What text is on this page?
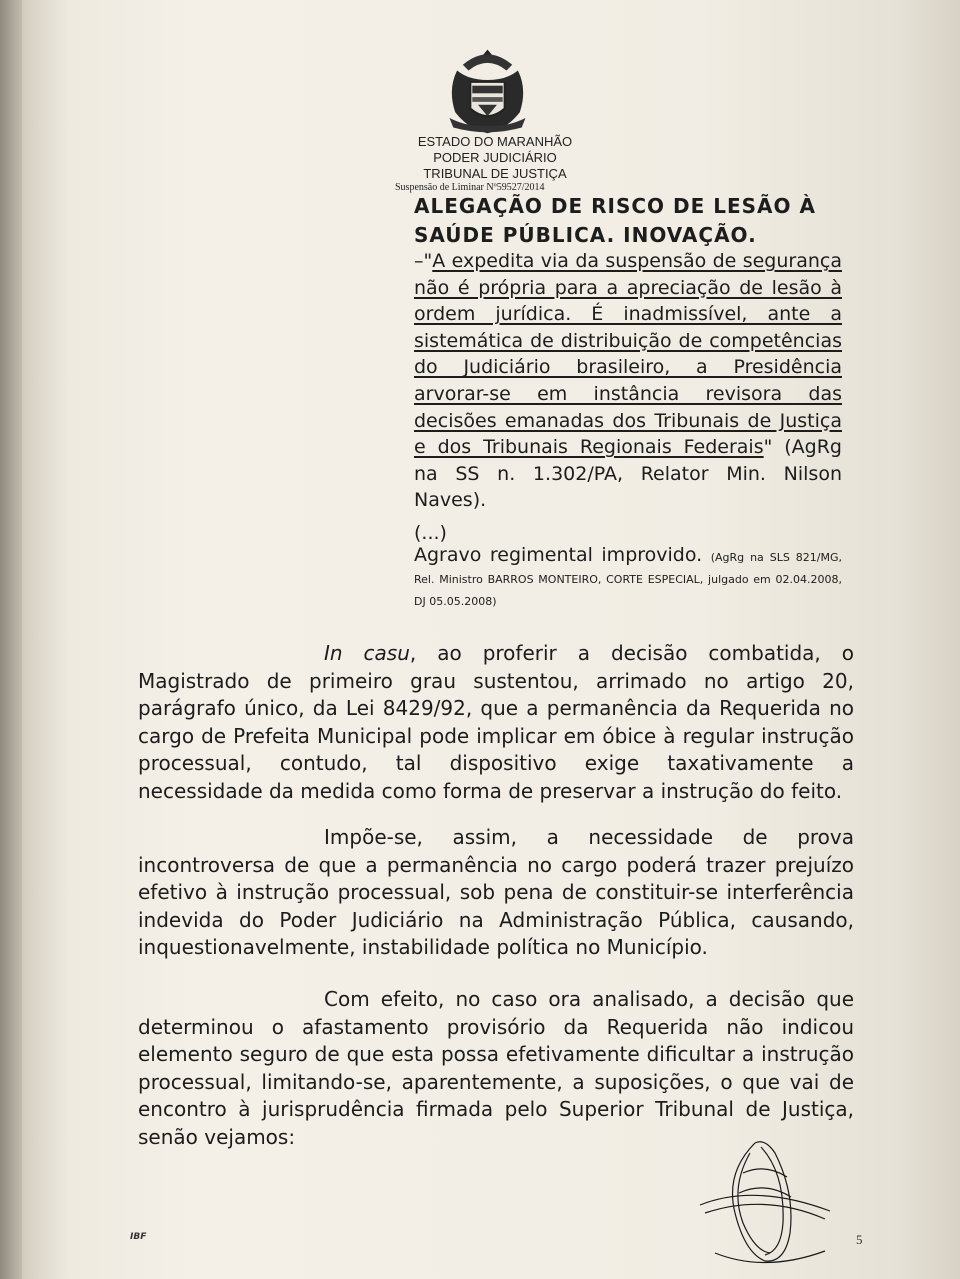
ESTADO DO MARANHÃO
PODER JUDICIÁRIO
TRIBUNAL DE JUSTIÇA
Suspensão de Liminar Nº59527/2014
ALEGAÇÃO DE RISCO DE LESÃO À
SAÚDE PÚBLICA. INOVAÇÃO.
–"A expedita via da suspensão de segurança não é própria para a apreciação de lesão à ordem jurídica. É inadmissível, ante a sistemática de distribuição de competências do Judiciário brasileiro, a Presidência arvorar-se em instância revisora das decisões emanadas dos Tribunais de Justiça e dos Tribunais Regionais Federais" (AgRg na SS n. 1.302/PA, Relator Min. Nilson Naves).
(...)
Agravo regimental improvido. (AgRg na SLS 821/MG, Rel. Ministro BARROS MONTEIRO, CORTE ESPECIAL, julgado em 02.04.2008, DJ 05.05.2008)
In casu, ao proferir a decisão combatida, o Magistrado de primeiro grau sustentou, arrimado no artigo 20, parágrafo único, da Lei 8429/92, que a permanência da Requerida no cargo de Prefeita Municipal pode implicar em óbice à regular instrução processual, contudo, tal dispositivo exige taxativamente a necessidade da medida como forma de preservar a instrução do feito.
Impõe-se, assim, a necessidade de prova incontroversa de que a permanência no cargo poderá trazer prejuízo efetivo à instrução processual, sob pena de constituir-se interferência indevida do Poder Judiciário na Administração Pública, causando, inquestionavelmente, instabilidade política no Município.
Com efeito, no caso ora analisado, a decisão que determinou o afastamento provisório da Requerida não indicou elemento seguro de que esta possa efetivamente dificultar a instrução processual, limitando-se, aparentemente, a suposições, o que vai de encontro à jurisprudência firmada pelo Superior Tribunal de Justiça, senão vejamos:
IBF	5
